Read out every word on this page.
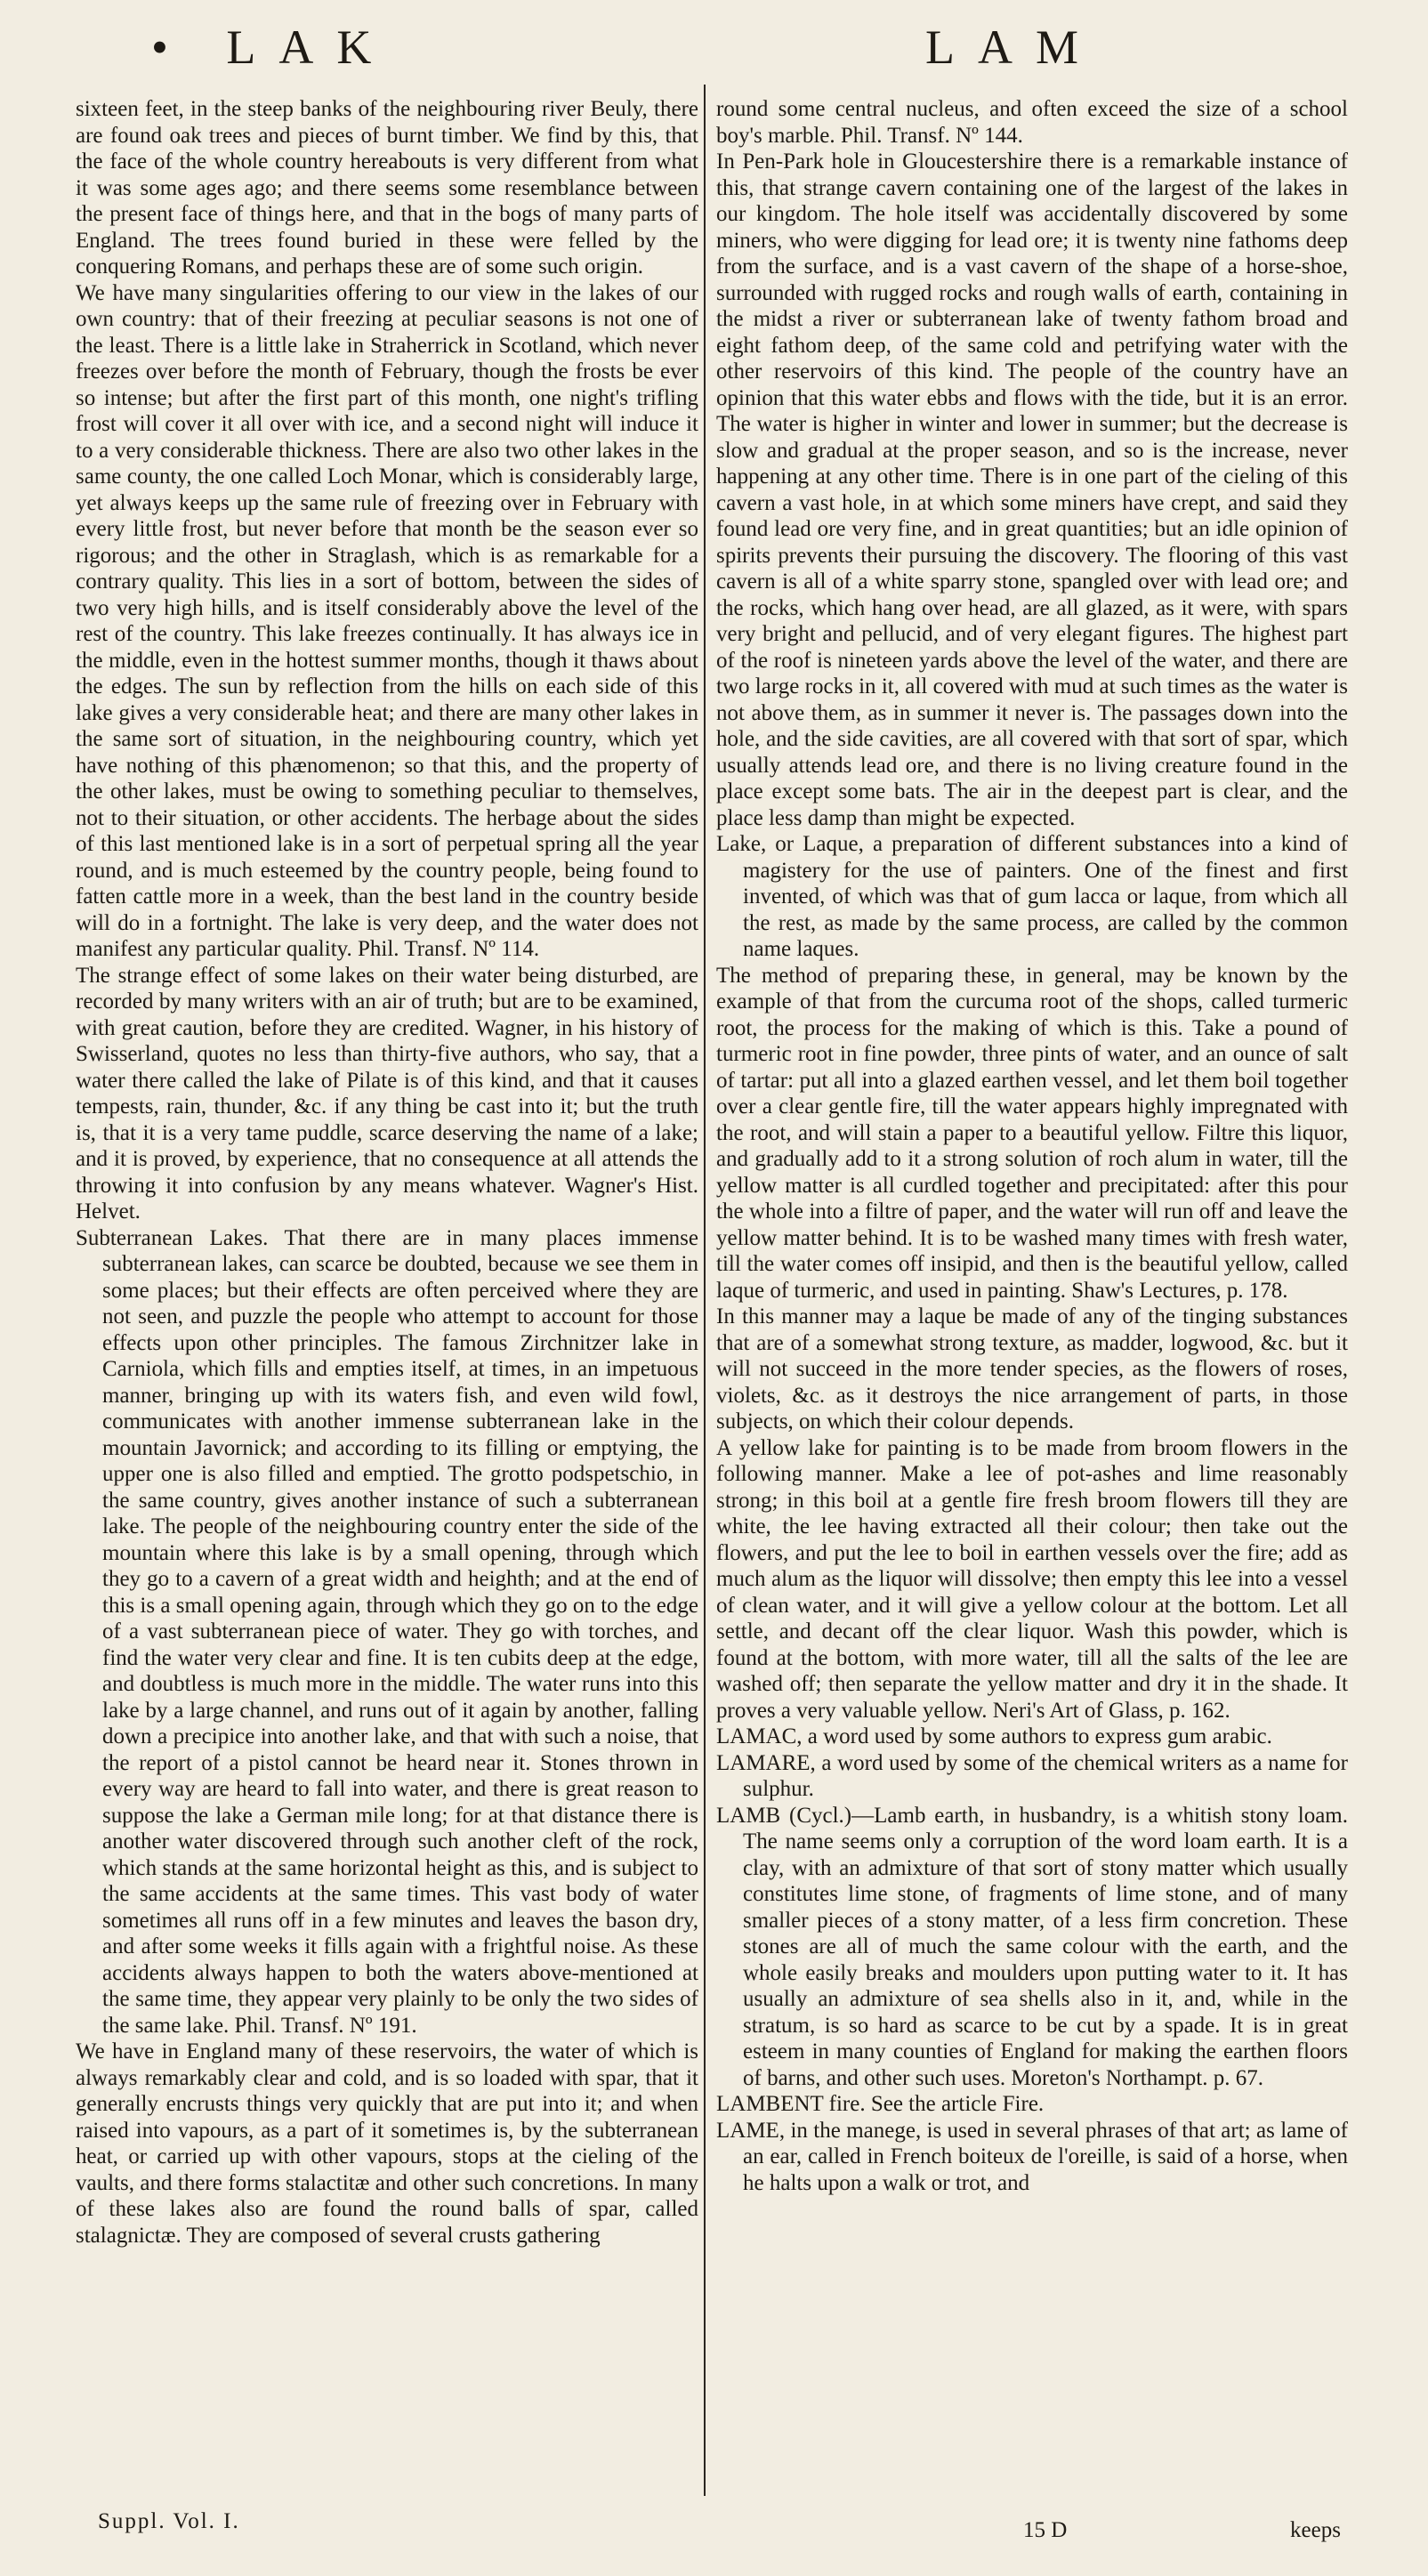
• LAK	LAM

sixteen feet, in the steep banks of the neighbouring river Beuly, there are found oak trees and pieces of burnt timber. We find by this, that the face of the whole country hereabouts is very different from what it was some ages ago; and there seems some resemblance between the present face of things here, and that in the bogs of many parts of England. The trees found buried in these were felled by the conquering Romans, and perhaps these are of some such origin.

We have many singularities offering to our view in the lakes of our own country: that of their freezing at peculiar seasons is not one of the least. There is a little lake in Straherrick in Scotland, which never freezes over before the month of February, though the frosts be ever so intense; but after the first part of this month, one night's trifling frost will cover it all over with ice, and a second night will induce it to a very considerable thickness. There are also two other lakes in the same county, the one called Loch Monar, which is considerably large, yet always keeps up the same rule of freezing over in February with every little frost, but never before that month be the season ever so rigorous; and the other in Straglash, which is as remarkable for a contrary quality. This lies in a sort of bottom, between the sides of two very high hills, and is itself considerably above the level of the rest of the country. This lake freezes continually. It has always ice in the middle, even in the hottest summer months, though it thaws about the edges. The sun by reflection from the hills on each side of this lake gives a very considerable heat; and there are many other lakes in the same sort of situation, in the neighbouring country, which yet have nothing of this phænomenon; so that this, and the property of the other lakes, must be owing to something peculiar to themselves, not to their situation, or other accidents. The herbage about the sides of this last mentioned lake is in a sort of perpetual spring all the year round, and is much esteemed by the country people, being found to fatten cattle more in a week, than the best land in the country beside will do in a fortnight. The lake is very deep, and the water does not manifest any particular quality. Phil. Transf. Nº 114.

The strange effect of some lakes on their water being disturbed, are recorded by many writers with an air of truth; but are to be examined, with great caution, before they are credited. Wagner, in his history of Swisserland, quotes no less than thirty-five authors, who say, that a water there called the lake of Pilate is of this kind, and that it causes tempests, rain, thunder, &c. if any thing be cast into it; but the truth is, that it is a very tame puddle, scarce deserving the name of a lake; and it is proved, by experience, that no consequence at all attends the throwing it into confusion by any means whatever. Wagner's Hist. Helvet.

Subterranean Lakes. That there are in many places immense subterranean lakes, can scarce be doubted, because we see them in some places; but their effects are often perceived where they are not seen, and puzzle the people who attempt to account for those effects upon other principles. The famous Zirchnitzer lake in Carniola, which fills and empties itself, at times, in an impetuous manner, bringing up with its waters fish, and even wild fowl, communicates with another immense subterranean lake in the mountain Javornick; and according to its filling or emptying, the upper one is also filled and emptied. The grotto podspetschio, in the same country, gives another instance of such a subterranean lake. The people of the neighbouring country enter the side of the mountain where this lake is by a small opening, through which they go to a cavern of a great width and heighth; and at the end of this is a small opening again, through which they go on to the edge of a vast subterranean piece of water. They go with torches, and find the water very clear and fine. It is ten cubits deep at the edge, and doubtless is much more in the middle. The water runs into this lake by a large channel, and runs out of it again by another, falling down a precipice into another lake, and that with such a noise, that the report of a pistol cannot be heard near it. Stones thrown in every way are heard to fall into water, and there is great reason to suppose the lake a German mile long; for at that distance there is another water discovered through such another cleft of the rock, which stands at the same horizontal height as this, and is subject to the same accidents at the same times. This vast body of water sometimes all runs off in a few minutes and leaves the bason dry, and after some weeks it fills again with a frightful noise. As these accidents always happen to both the waters above-mentioned at the same time, they appear very plainly to be only the two sides of the same lake. Phil. Transf. Nº 191.

We have in England many of these reservoirs, the water of which is always remarkably clear and cold, and is so loaded with spar, that it generally encrusts things very quickly that are put into it; and when raised into vapours, as a part of it sometimes is, by the subterranean heat, or carried up with other vapours, stops at the cieling of the vaults, and there forms stalactitæ and other such concretions. In many of these lakes also are found the round balls of spar, called stalagnictæ. They are composed of several crusts gathering

round some central nucleus, and often exceed the size of a school boy's marble. Phil. Transf. Nº 144.

In Pen-Park hole in Gloucestershire there is a remarkable instance of this, that strange cavern containing one of the largest of the lakes in our kingdom. The hole itself was accidentally discovered by some miners, who were digging for lead ore; it is twenty nine fathoms deep from the surface, and is a vast cavern of the shape of a horse-shoe, surrounded with rugged rocks and rough walls of earth, containing in the midst a river or subterranean lake of twenty fathom broad and eight fathom deep, of the same cold and petrifying water with the other reservoirs of this kind. The people of the country have an opinion that this water ebbs and flows with the tide, but it is an error. The water is higher in winter and lower in summer; but the decrease is slow and gradual at the proper season, and so is the increase, never happening at any other time. There is in one part of the cieling of this cavern a vast hole, in at which some miners have crept, and said they found lead ore very fine, and in great quantities; but an idle opinion of spirits prevents their pursuing the discovery. The flooring of this vast cavern is all of a white sparry stone, spangled over with lead ore; and the rocks, which hang over head, are all glazed, as it were, with spars very bright and pellucid, and of very elegant figures. The highest part of the roof is nineteen yards above the level of the water, and there are two large rocks in it, all covered with mud at such times as the water is not above them, as in summer it never is. The passages down into the hole, and the side cavities, are all covered with that sort of spar, which usually attends lead ore, and there is no living creature found in the place except some bats. The air in the deepest part is clear, and the place less damp than might be expected.

Lake, or Laque, a preparation of different substances into a kind of magistery for the use of painters. One of the finest and first invented, of which was that of gum lacca or laque, from which all the rest, as made by the same process, are called by the common name laques.

The method of preparing these, in general, may be known by the example of that from the curcuma root of the shops, called turmeric root, the process for the making of which is this. Take a pound of turmeric root in fine powder, three pints of water, and an ounce of salt of tartar: put all into a glazed earthen vessel, and let them boil together over a clear gentle fire, till the water appears highly impregnated with the root, and will stain a paper to a beautiful yellow. Filtre this liquor, and gradually add to it a strong solution of roch alum in water, till the yellow matter is all curdled together and precipitated: after this pour the whole into a filtre of paper, and the water will run off and leave the yellow matter behind. It is to be washed many times with fresh water, till the water comes off insipid, and then is the beautiful yellow, called laque of turmeric, and used in painting. Shaw's Lectures, p. 178.

In this manner may a laque be made of any of the tinging substances that are of a somewhat strong texture, as madder, logwood, &c. but it will not succeed in the more tender species, as the flowers of roses, violets, &c. as it destroys the nice arrangement of parts, in those subjects, on which their colour depends.

A yellow lake for painting is to be made from broom flowers in the following manner. Make a lee of pot-ashes and lime reasonably strong; in this boil at a gentle fire fresh broom flowers till they are white, the lee having extracted all their colour; then take out the flowers, and put the lee to boil in earthen vessels over the fire; add as much alum as the liquor will dissolve; then empty this lee into a vessel of clean water, and it will give a yellow colour at the bottom. Let all settle, and decant off the clear liquor. Wash this powder, which is found at the bottom, with more water, till all the salts of the lee are washed off; then separate the yellow matter and dry it in the shade. It proves a very valuable yellow. Neri's Art of Glass, p. 162.

LAMAC, a word used by some authors to express gum arabic.

LAMARE, a word used by some of the chemical writers as a name for sulphur.

LAMB (Cycl.)—Lamb earth, in husbandry, is a whitish stony loam. The name seems only a corruption of the word loam earth. It is a clay, with an admixture of that sort of stony matter which usually constitutes lime stone, of fragments of lime stone, and of many smaller pieces of a stony matter, of a less firm concretion. These stones are all of much the same colour with the earth, and the whole easily breaks and moulders upon putting water to it. It has usually an admixture of sea shells also in it, and, while in the stratum, is so hard as scarce to be cut by a spade. It is in great esteem in many counties of England for making the earthen floors of barns, and other such uses. Moreton's Northampt. p. 67.

LAMBENT fire. See the article Fire.

LAME, in the manege, is used in several phrases of that art; as lame of an ear, called in French boiteux de l'oreille, is said of a horse, when he halts upon a walk or trot, and

Suppl. Vol. I.	15 D	keeps
